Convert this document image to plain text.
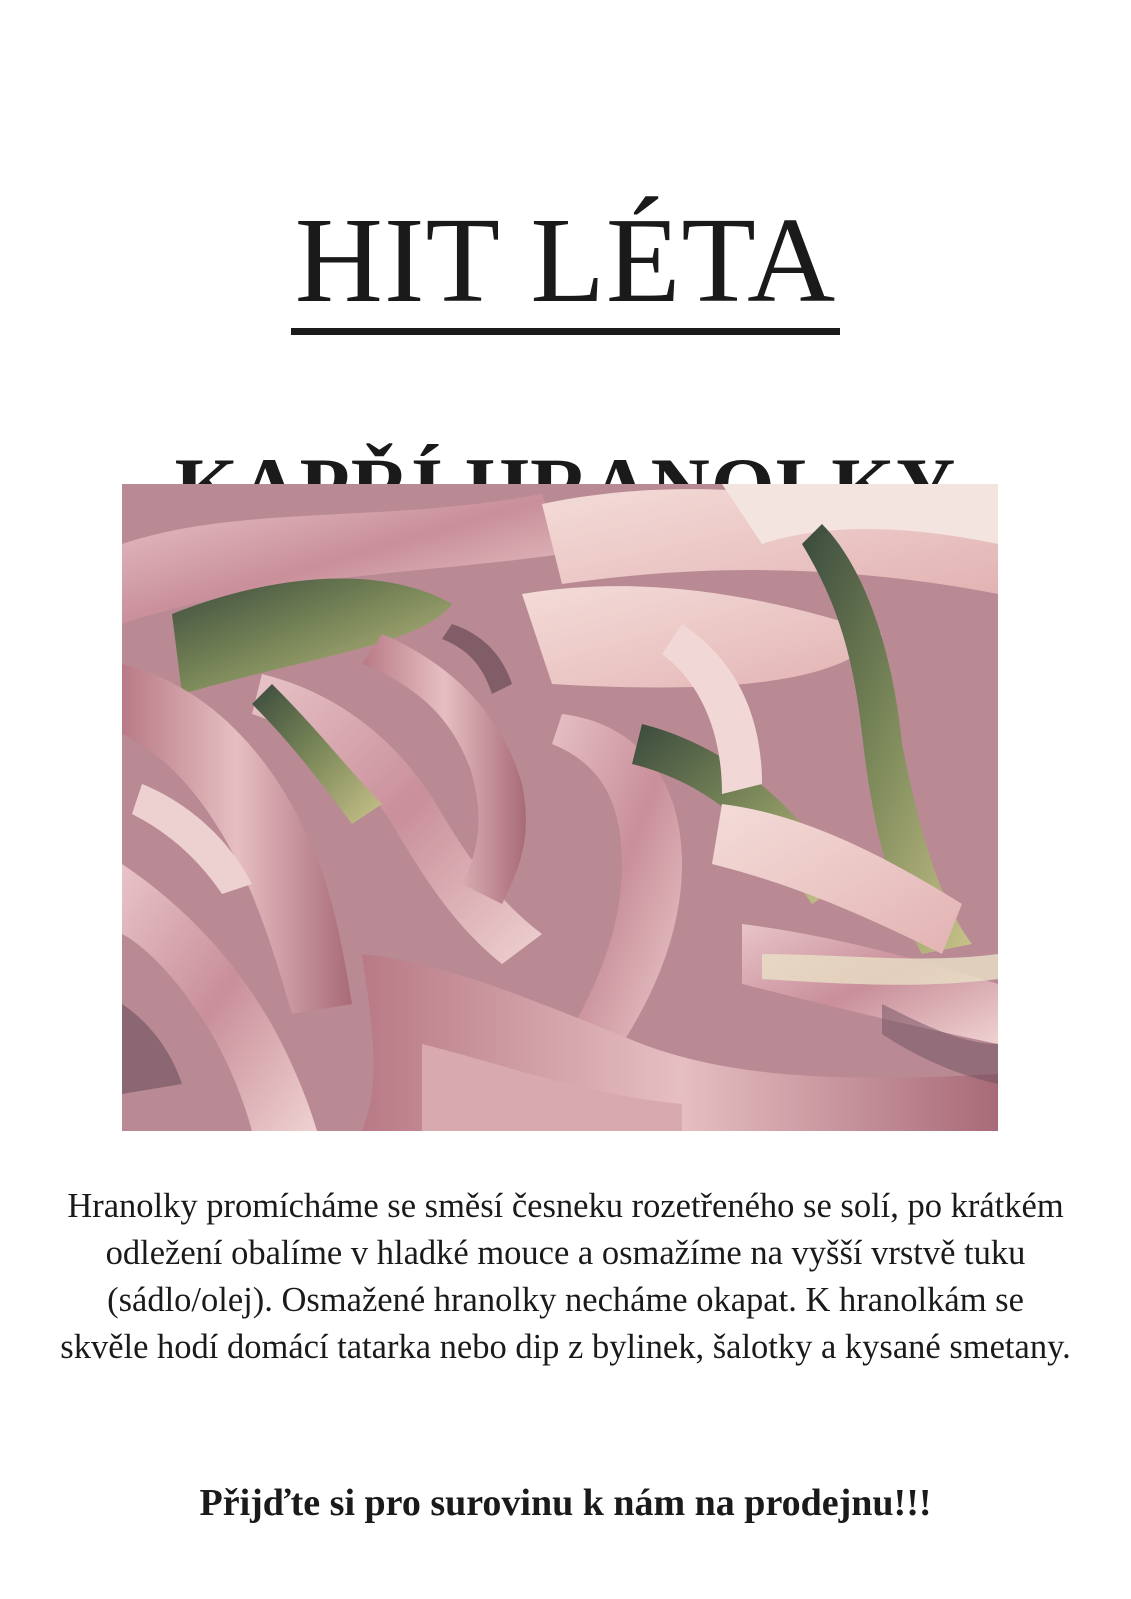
HIT LÉTA

Hranolky promícháme se směsí česneku rozetřeného se solí, po krátkém odležení obalíme v hladké mouce a osmažíme na vyšší vrstvě tuku (sádlo/olej). Osmažené hranolky necháme okapat. K hranolkám se skvěle hodí domácí tatarka nebo dip z bylinek, šalotky a kysané smetany.

Přijďte si pro surovinu k nám na prodejnu!!!
